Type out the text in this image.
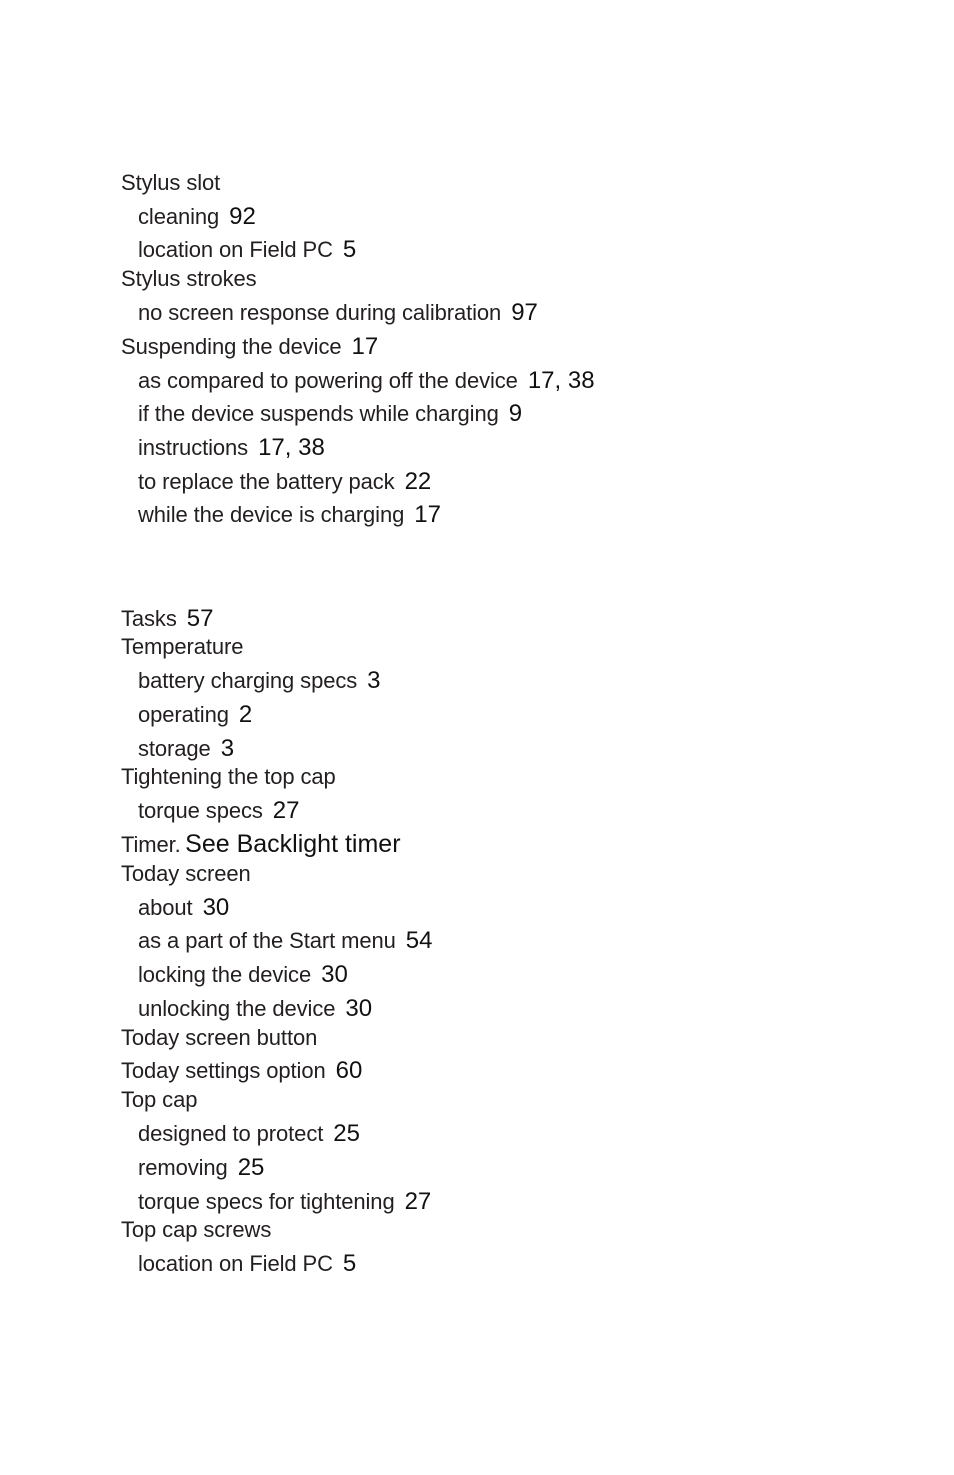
Stylus slot
cleaning 92
location on Field PC 5
Stylus strokes
no screen response during calibration 97
Suspending the device 17
as compared to powering off the device 17, 38
if the device suspends while charging 9
instructions 17, 38
to replace the battery pack 22
while the device is charging 17
Tasks 57
Temperature
battery charging specs 3
operating 2
storage 3
Tightening the top cap
torque specs 27
Timer. See Backlight timer
Today screen
about 30
as a part of the Start menu 54
locking the device 30
unlocking the device 30
Today screen button
Today settings option 60
Top cap
designed to protect 25
removing 25
torque specs for tightening 27
Top cap screws
location on Field PC 5
